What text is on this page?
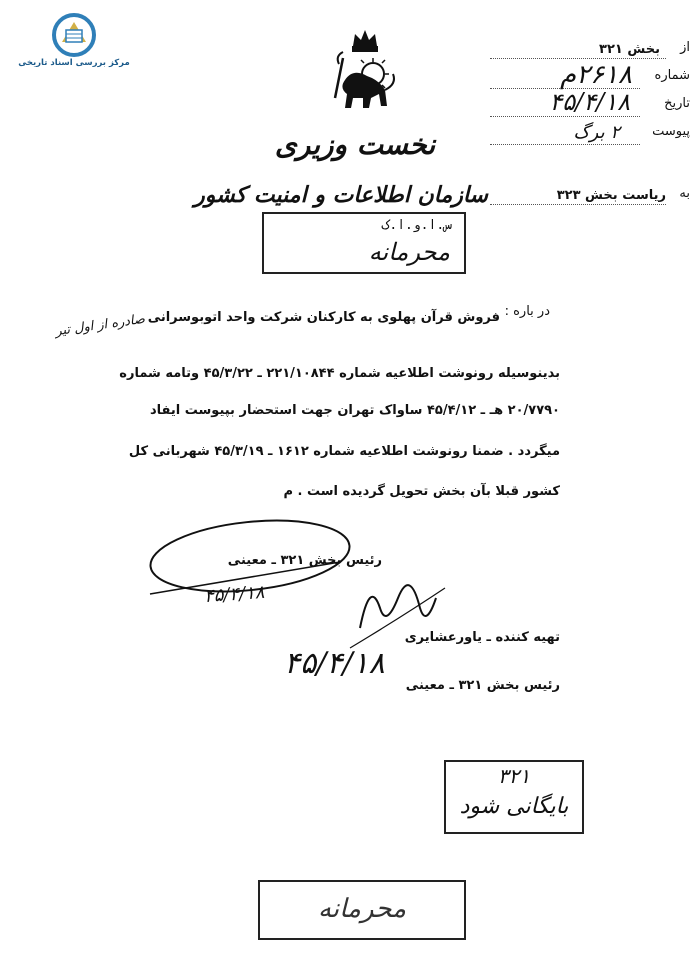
مرکز بررسی اسناد تاریخی
نخست وزیری
سازمان اطلاعات و امنیت کشور
س.ا.و.ا.ک
محرمانه
از
بخش ۳۲۱
شماره
۲۶۱۸م
تاریخ
۴۵/۴/۱۸
پیوست
۲ برگ
به
ریاست بخش ۳۲۳
در باره :
فروش قرآن پهلوی به کارکنان شرکت واحد اتوبوسرانی
صادره از اول تیر
بدینوسیله رونوشت اطلاعیه شماره ۲۲۱/۱۰۸۴۴ ـ ۴۵/۳/۲۲ وتامه شماره
۲۰/۷۷۹۰ هـ ـ ۴۵/۴/۱۲ ساواک تهران جهت استحضار بپیوست ایفاد
میگردد . ضمنا رونوشت اطلاعیه شماره ۱۶۱۲ ـ ۴۵/۳/۱۹ شهربانی کل
کشور قبلا بآن بخش تحویل گردیده است . م
رئیس بخش ۳۲۱ ـ معینی
۴۵/۴/۱۸
تهیه کننده ـ یاورعشایری
۴۵/۴/۱۸
رئیس بخش ۳۲۱ ـ معینی
۳۲۱
بایگانی شود
محرمانه
